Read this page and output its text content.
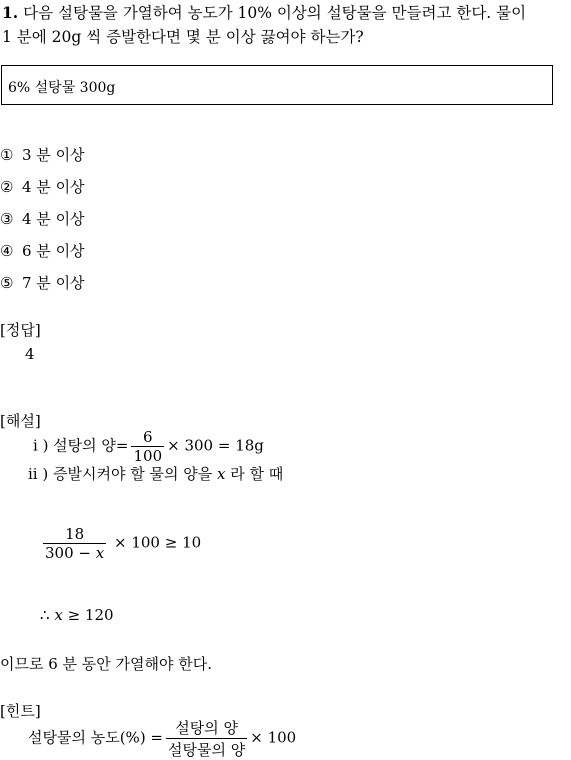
1. 다음 설탕물을 가열하여 농도가 10% 이상의 설탕물을 만들려고 한다. 물이
1 분에 20g 씩 증발한다면 몇 분 이상 끓여야 하는가?
6% 설탕물 300g
① 3 분 이상
② 4 분 이상
③ 4 분 이상
④ 6 분 이상
⑤ 7 분 이상
[정답]
4
[해설]
i ) 설탕의 양= $\frac{6}{100} \times 300 = 18g$
ii ) 증발시켜야 할 물의 양을 x 라 할 때
$\frac{18}{300 - x} \times 100 \ge 10$
∴ x ≥ 120
이므로 6 분 동안 가열해야 한다.
[힌트]
설탕물의 농도(%) = $\frac{\text{설탕의 양}}{\text{설탕물의 양}} \times 100$
